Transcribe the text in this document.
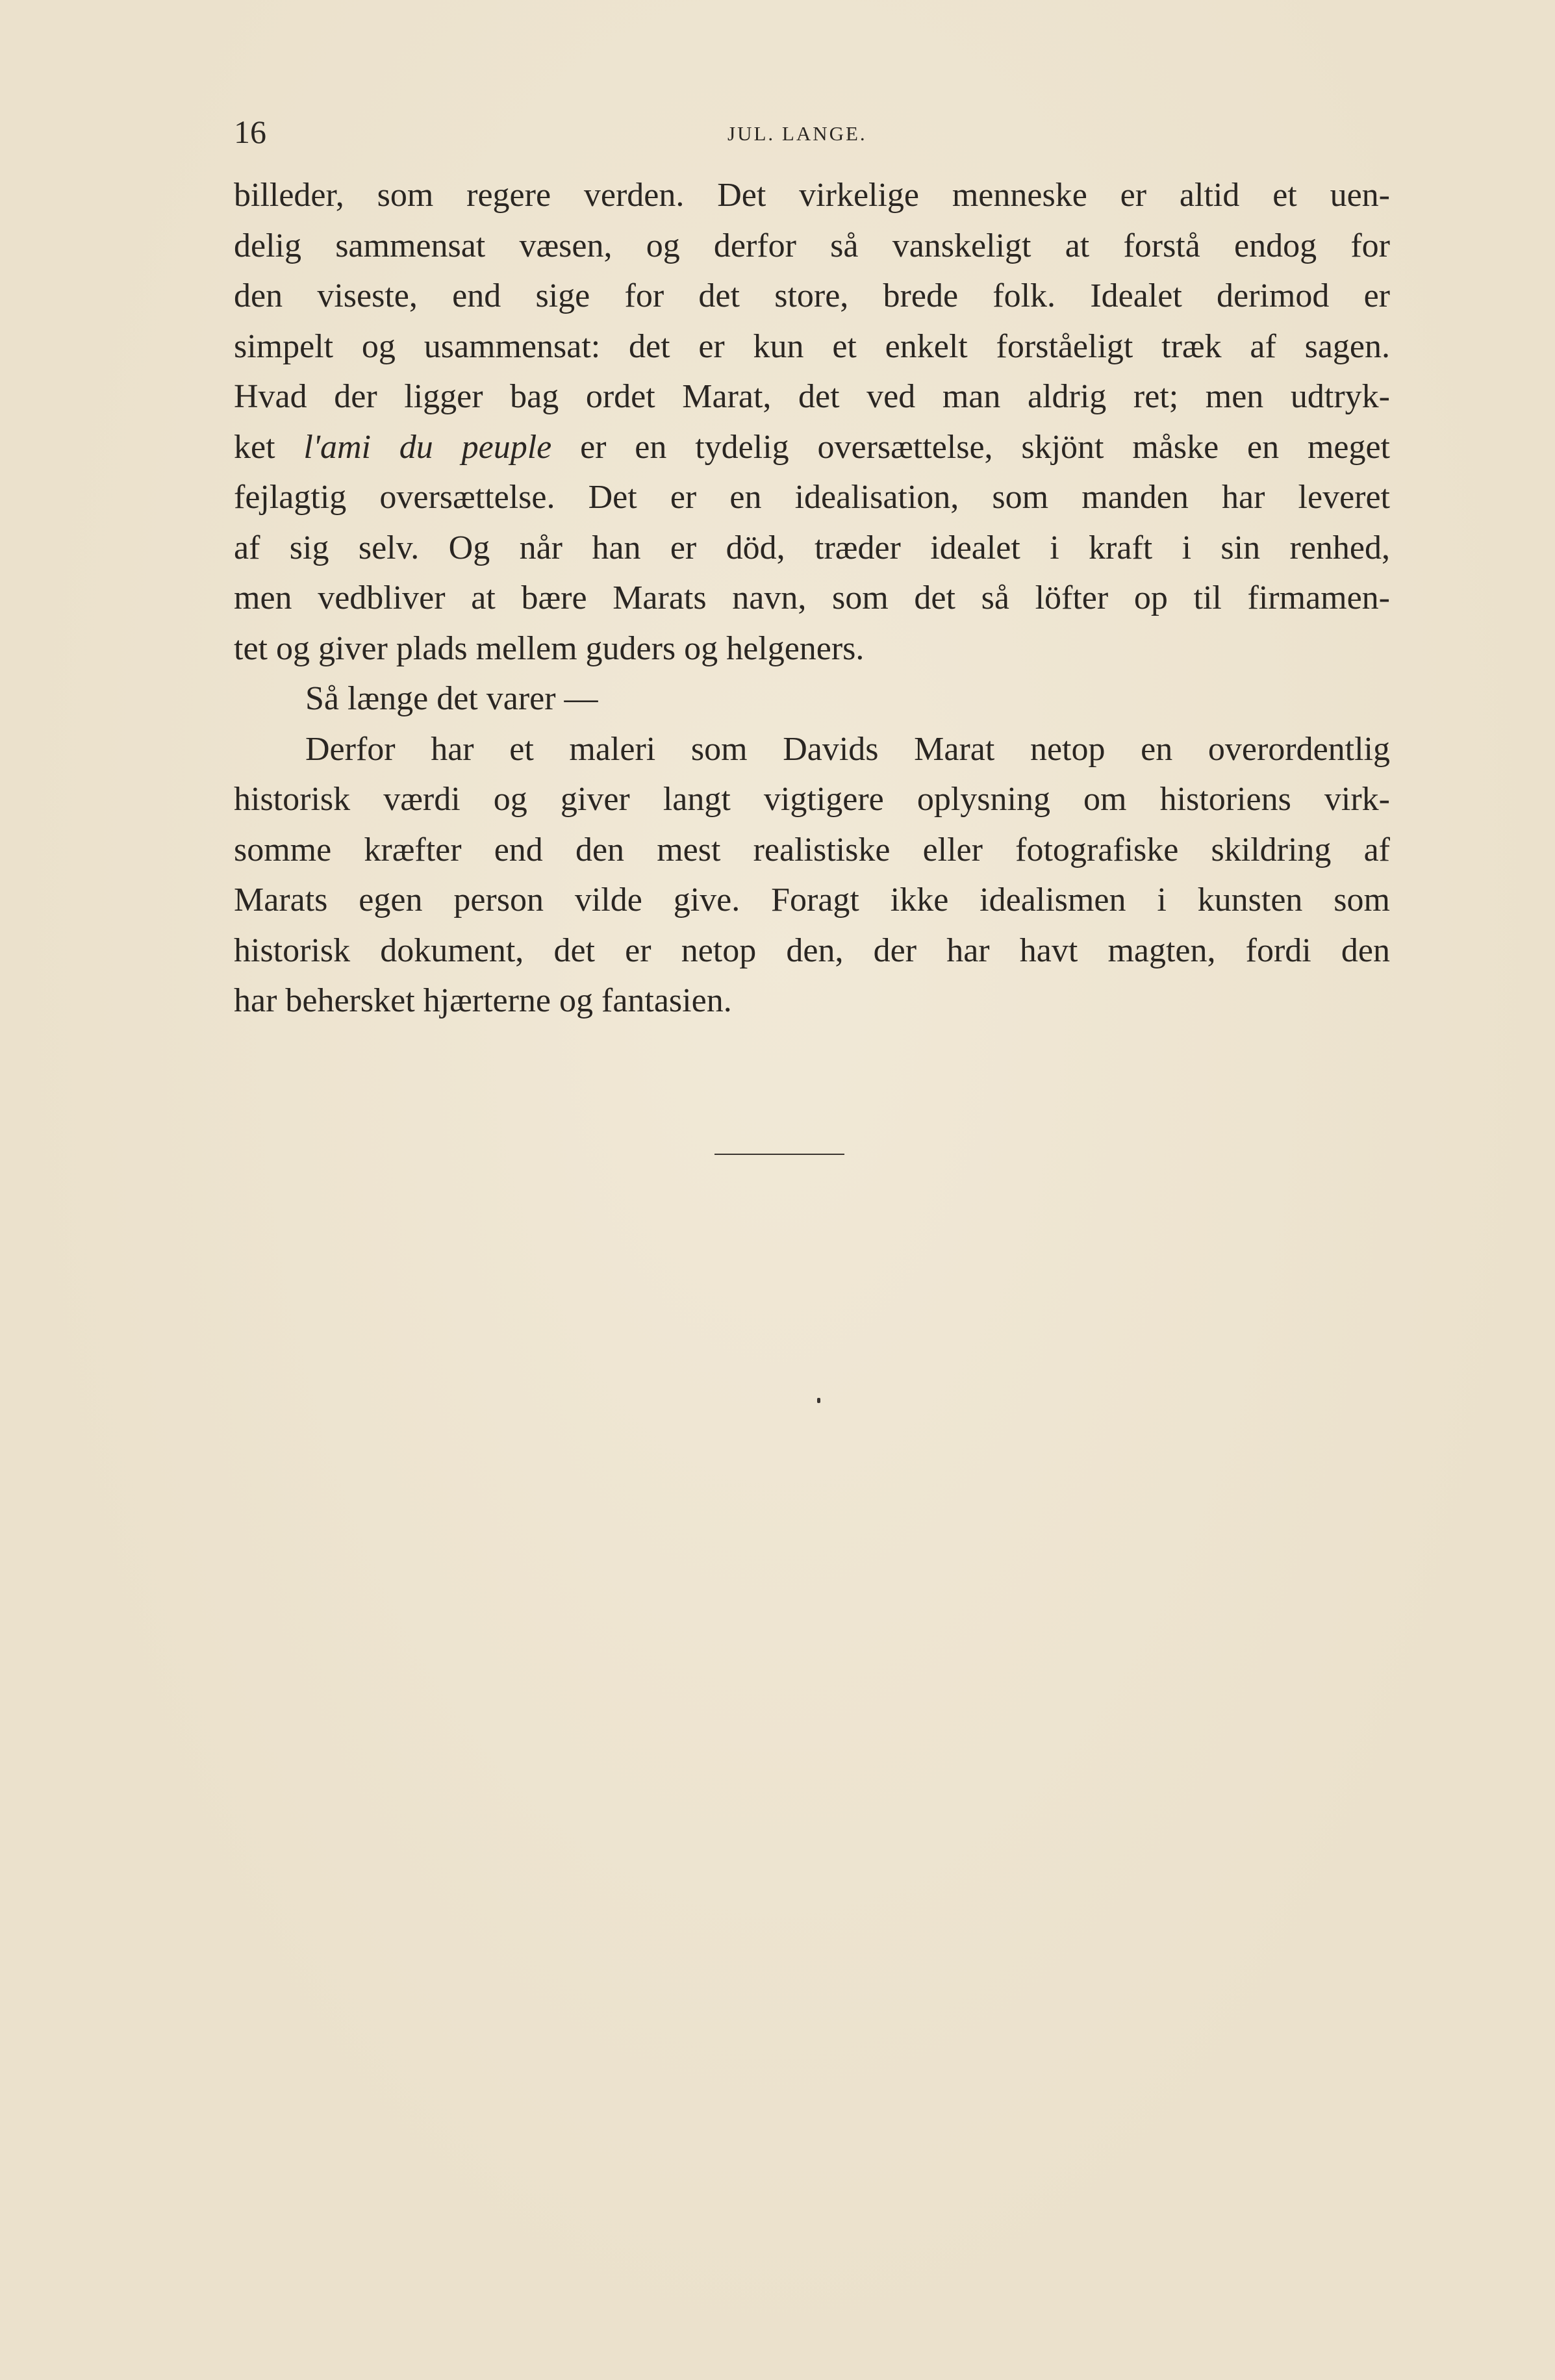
16	JUL. LANGE.
billeder, som regere verden. Det virkelige menneske er altid et uen-
delig sammensat væsen, og derfor så vanskeligt at forstå endog for
den viseste, end sige for det store, brede folk. Idealet derimod er
simpelt og usammensat: det er kun et enkelt forståeligt træk af sagen.
Hvad der ligger bag ordet Marat, det ved man aldrig ret; men udtryk-
ket l'ami du peuple er en tydelig oversættelse, skjönt måske en meget
fejlagtig oversættelse. Det er en idealisation, som manden har leveret
af sig selv. Og når han er död, træder idealet i kraft i sin renhed,
men vedbliver at bære Marats navn, som det så löfter op til firmamen-
tet og giver plads mellem guders og helgeners.
Så længe det varer —
Derfor har et maleri som Davids Marat netop en overordentlig
historisk værdi og giver langt vigtigere oplysning om historiens virk-
somme kræfter end den mest realistiske eller fotografiske skildring af
Marats egen person vilde give. Foragt ikke idealismen i kunsten som
historisk dokument, det er netop den, der har havt magten, fordi den
har behersket hjærterne og fantasien.
